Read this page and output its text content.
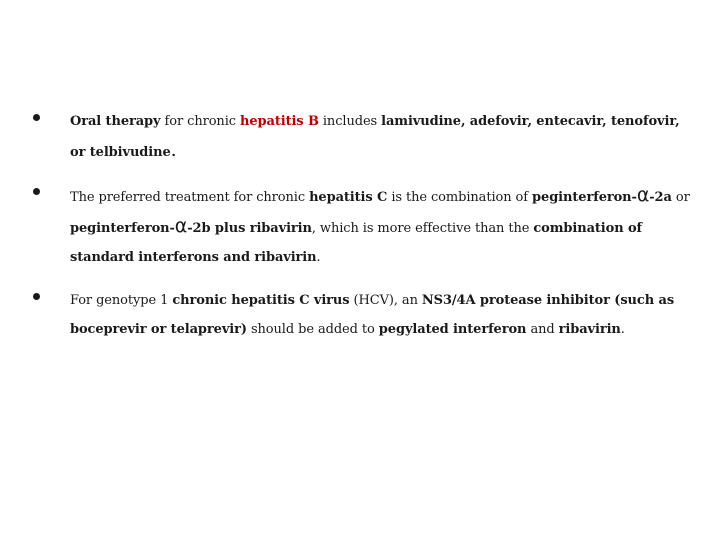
Oral therapy for chronic hepatitis B includes lamivudine, adefovir, entecavir, tenofovir, or telbivudine.

The preferred treatment for chronic hepatitis C is the combination of peginterferon-α-2a or peginterferon-α-2b plus ribavirin, which is more effective than the combination of standard interferons and ribavirin.

For genotype 1 chronic hepatitis C virus (HCV), an NS3/4A protease inhibitor (such as boceprevir or telaprevir) should be added to pegylated interferon and ribavirin.
